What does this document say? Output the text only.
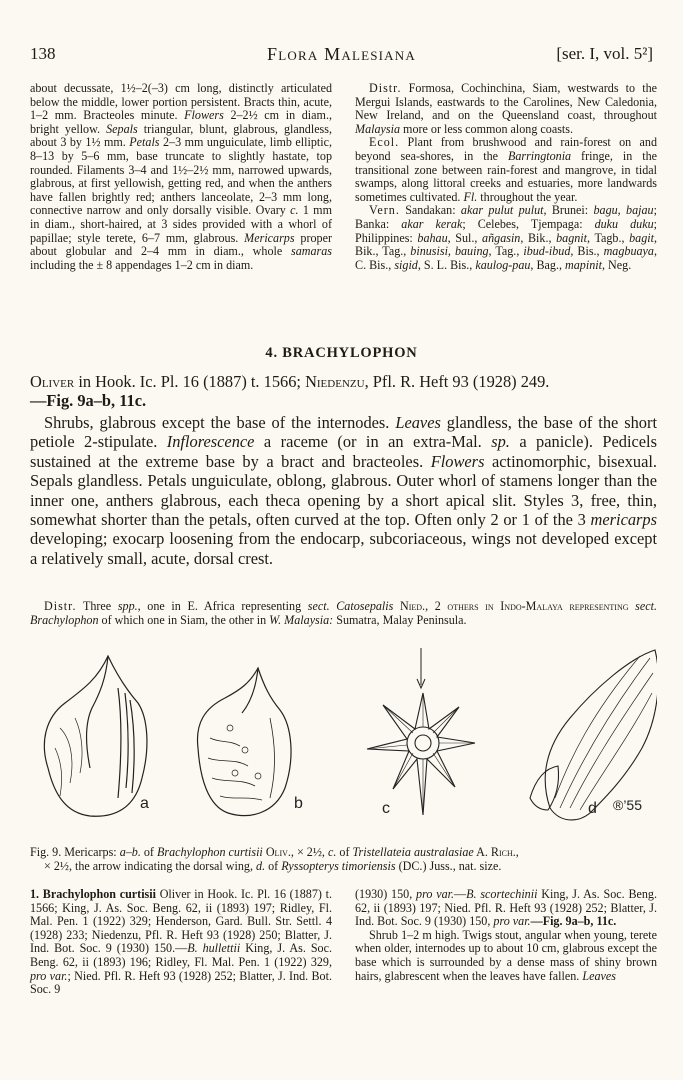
138	Flora Malesiana	[ser. I, vol. 5²]

about decussate, 1½–2(–3) cm long, distinctly articulated below the middle, lower portion persistent. Bracts thin, acute, 1–2 mm. Bracteoles minute. Flowers 2–2½ cm in diam., bright yellow. Sepals triangular, blunt, glabrous, glandless, about 3 by 1½ mm. Petals 2–3 mm unguiculate, limb elliptic, 8–13 by 5–6 mm, base truncate to slightly hastate, top rounded. Filaments 3–4 and 1½–2½ mm, narrowed upwards, glabrous, at first yellowish, getting red, and when the anthers have fallen brightly red; anthers lanceolate, 2–3 mm long, connective narrow and only dorsally visible. Ovary c. 1 mm in diam., short-haired, at 3 sides provided with a whorl of papillae; style terete, 6–7 mm, glabrous. Mericarps proper about globular and 2–4 mm in diam., whole samaras including the ± 8 appendages 1–2 cm in diam.

Distr. Formosa, Cochinchina, Siam, westwards to the Mergui Islands, eastwards to the Carolines, New Caledonia, New Ireland, and on the Queensland coast, throughout Malaysia more or less common along coasts.

Ecol. Plant from brushwood and rain-forest on and beyond sea-shores, in the Barringtonia fringe, in the transitional zone between rain-forest and mangrove, in tidal swamps, along littoral creeks and estuaries, more landwards sometimes cultivated. Fl. throughout the year.

Vern. Sandakan: akar pulut pulut, Brunei: bagu, bajau; Banka: akar kerak; Celebes, Tjempaga: duku duku; Philippines: bahau, Sul., añgasin, Bik., bagnit, Tagb., bagit, Bik., Tag., binusisi, bauing, Tag., ibud-ibud, Bis., magbuaya, C. Bis., sigid, S. L. Bis., kaulog-pau, Bag., mapinit, Neg.

4. BRACHYLOPHON
Oliver in Hook. Ic. Pl. 16 (1887) t. 1566; Niedenzu, Pfl. R. Heft 93 (1928) 249.
—Fig. 9a–b, 11c.
Shrubs, glabrous except the base of the internodes. Leaves glandless, the base of the short petiole 2-stipulate. Inflorescence a raceme (or in an extra-Mal. sp. a panicle). Pedicels sustained at the extreme base by a bract and bracteoles. Flowers actinomorphic, bisexual. Sepals glandless. Petals unguiculate, oblong, glabrous. Outer whorl of stamens longer than the inner one, anthers glabrous, each theca opening by a short apical slit. Styles 3, free, thin, somewhat shorter than the petals, often curved at the top. Often only 2 or 1 of the 3 mericarps developing; exocarp loosening from the endocarp, subcoriaceous, wings not developed except a relatively small, acute, dorsal crest.
Distr. Three spp., one in E. Africa representing sect. Catosepalis Nied., 2 others in Indo-Malaya representing sect. Brachylophon of which one in Siam, the other in W. Malaysia: Sumatra, Malay Peninsula.
a	b	c	d ®’55
Fig. 9. Mericarps: a–b. of Brachylophon curtisii Oliv., × 2½, c. of Tristellateia australasiae A. Rich.,
× 2½, the arrow indicating the dorsal wing, d. of Ryssopterys timoriensis (DC.) Juss., nat. size.

1. Brachylophon curtisii Oliver in Hook. Ic. Pl. 16 (1887) t. 1566; King, J. As. Soc. Beng. 62, ii (1893) 197; Ridley, Fl. Mal. Pen. 1 (1922) 329; Henderson, Gard. Bull. Str. Settl. 4 (1928) 233; Niedenzu, Pfl. R. Heft 93 (1928) 250; Blatter, J. Ind. Bot. Soc. 9 (1930) 150.—B. hullettii King, J. As. Soc. Beng. 62, ii (1893) 196; Ridley, Fl. Mal. Pen. 1 (1922) 329, pro var.; Nied. Pfl. R. Heft 93 (1928) 252; Blatter, J. Ind. Bot. Soc. 9

(1930) 150, pro var.—B. scortechinii King, J. As. Soc. Beng. 62, ii (1893) 197; Nied. Pfl. R. Heft 93 (1928) 252; Blatter, J. Ind. Bot. Soc. 9 (1930) 150, pro var.—Fig. 9a–b, 11c.

Shrub 1–2 m high. Twigs stout, angular when young, terete when older, internodes up to about 10 cm, glabrous except the base which is surrounded by a dense mass of shiny brown hairs, glabrescent when the leaves have fallen. Leaves
